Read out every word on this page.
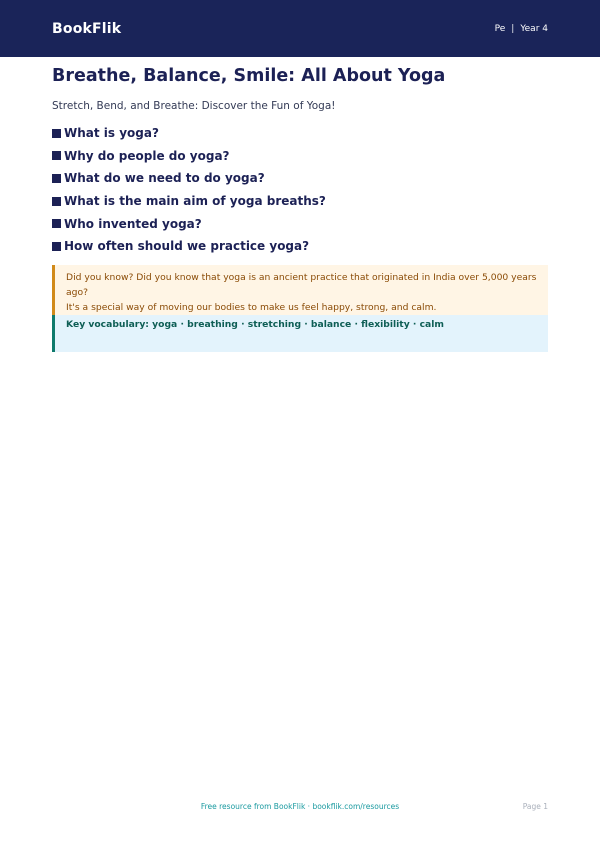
BookFlik	Pe | Year 4
Breathe, Balance, Smile: All About Yoga

Stretch, Bend, and Breathe: Discover the Fun of Yoga!

What is yoga?
Why do people do yoga?
What do we need to do yoga?
What is the main aim of yoga breaths?
Who invented yoga?
How often should we practice yoga?
Did you know? Did you know that yoga is an ancient practice that originated in India over 5,000 years ago?
It's a special way of moving our bodies to make us feel happy, strong, and calm.
Key vocabulary: yoga · breathing · stretching · balance · flexibility · calm
Free resource from BookFlik · bookflik.com/resources	Page 1
